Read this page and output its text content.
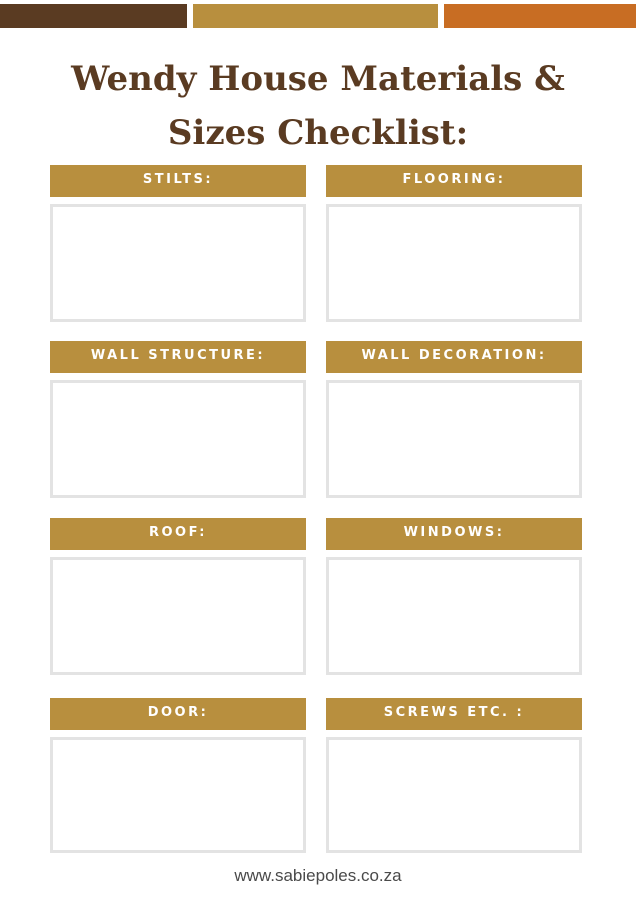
Wendy House Materials &
Sizes Checklist:
STILTS:	FLOORING:
WALL STRUCTURE:	WALL DECORATION:
ROOF:	WINDOWS:
DOOR:	SCREWS ETC. :
www.sabiepoles.co.za
